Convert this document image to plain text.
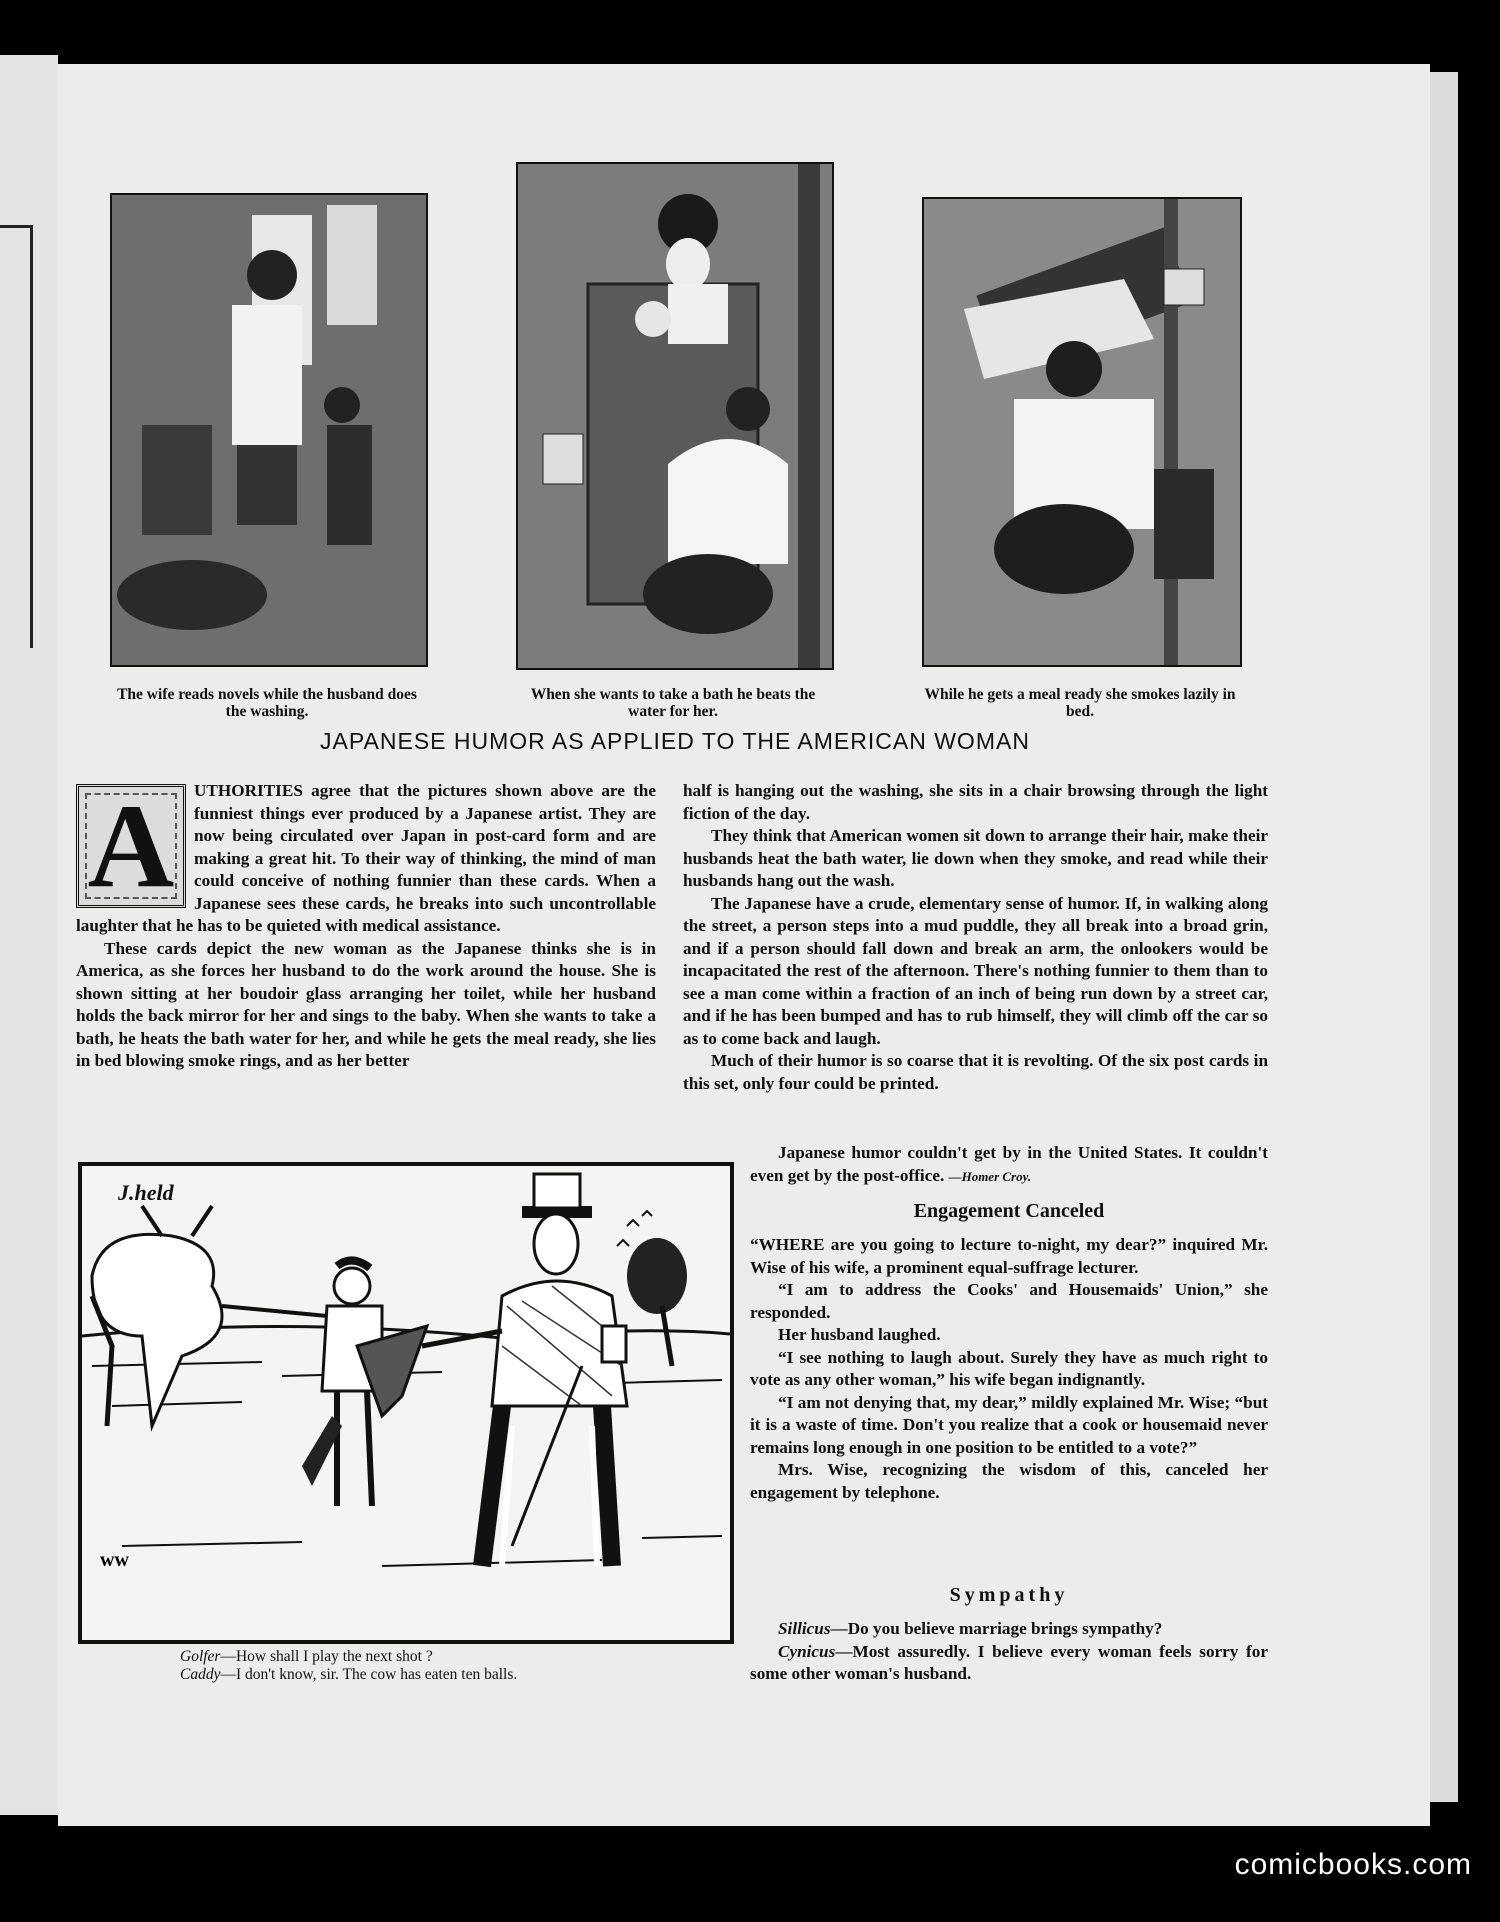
The wife reads novels while the husband does the washing.
When she wants to take a bath he beats the water for her.
While he gets a meal ready she smokes lazily in bed.
JAPANESE HUMOR AS APPLIED TO THE AMERICAN WOMAN

A	UTHORITIES agree that the pictures shown above are the funniest things ever produced by a Japanese artist. They are now being circulated over Japan in post-card form and are making a great hit. To their way of thinking, the mind of man could conceive of nothing funnier than these cards. When a Japanese sees these cards, he breaks into such uncontrollable laughter that he has to be quieted with medical assistance.

These cards depict the new woman as the Japanese thinks she is in America, as she forces her husband to do the work around the house. She is shown sitting at her boudoir glass arranging her toilet, while her husband holds the back mirror for her and sings to the baby. When she wants to take a bath, he heats the bath water for her, and while he gets the meal ready, she lies in bed blowing smoke rings, and as her better

half is hanging out the washing, she sits in a chair browsing through the light fiction of the day.

They think that American women sit down to arrange their hair, make their husbands heat the bath water, lie down when they smoke, and read while their husbands hang out the wash.

The Japanese have a crude, elementary sense of humor. If, in walking along the street, a person steps into a mud puddle, they all break into a broad grin, and if a person should fall down and break an arm, the onlookers would be incapacitated the rest of the afternoon. There's nothing funnier to them than to see a man come within a fraction of an inch of being run down by a street car, and if he has been bumped and has to rub himself, they will climb off the car so as to come back and laugh.

Much of their humor is so coarse that it is revolting. Of the six post cards in this set, only four could be printed.

Japanese humor couldn't get by in the United States. It couldn't even get by the post-office. —Homer Croy.

ᴡᴡ
J.held
Golfer—How shall I play the next shot ?
Caddy—I don't know, sir. The cow has eaten ten balls.
Engagement Canceled

“WHERE are you going to lecture to-night, my dear?” inquired Mr. Wise of his wife, a prominent equal-suffrage lecturer.

“I am to address the Cooks' and Housemaids' Union,” she responded.

Her husband laughed.

“I see nothing to laugh about. Surely they have as much right to vote as any other woman,” his wife began indignantly.

“I am not denying that, my dear,” mildly explained Mr. Wise; “but it is a waste of time. Don't you realize that a cook or housemaid never remains long enough in one position to be entitled to a vote?”

Mrs. Wise, recognizing the wisdom of this, canceled her engagement by telephone.

Sympathy

Sillicus—Do you believe marriage brings sympathy?

Cynicus—Most assuredly. I believe every woman feels sorry for some other woman's husband.

comicbooks.com
